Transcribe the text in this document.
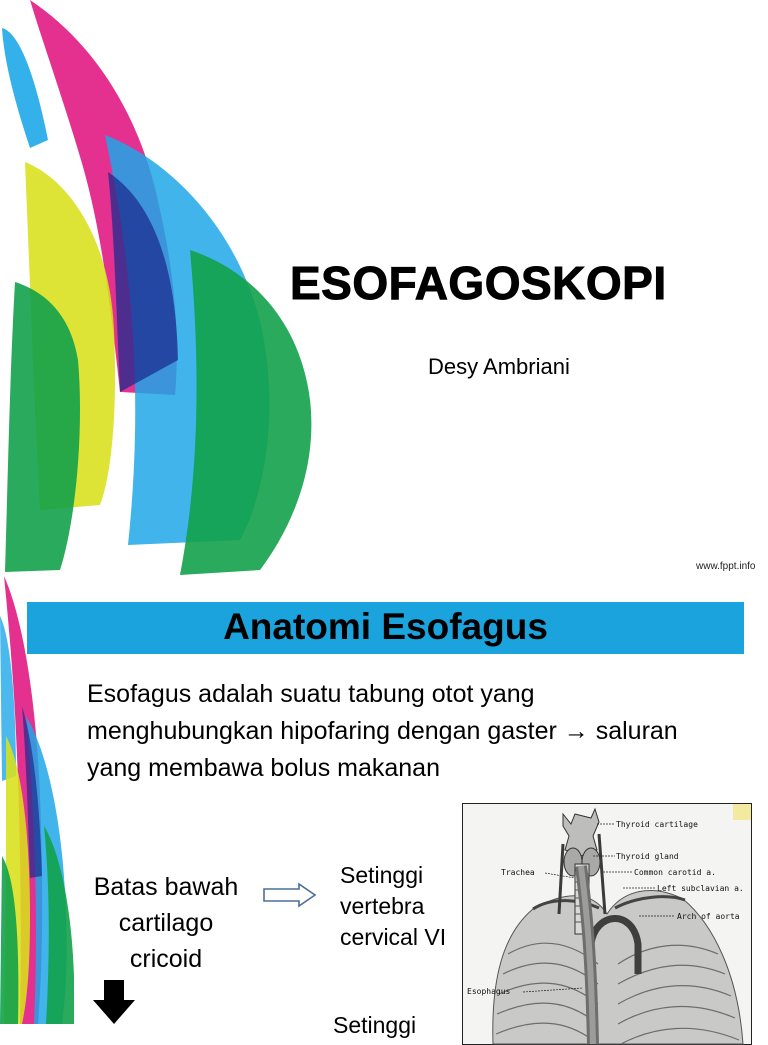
ESOFAGOSKOPI
Desy Ambriani
www.fppt.info
Anatomi Esofagus
Esofagus adalah suatu tabung otot yang menghubungkan hipofaring dengan gaster → saluran yang membawa bolus makanan
Batas bawah
cartilago
cricoid
Setinggi
vertebra
cervical VI
Setinggi
Thyroid cartilage
Thyroid gland
Trachea	Common carotid a.
Left subclavian a.
Arch of aorta
Esophagus
